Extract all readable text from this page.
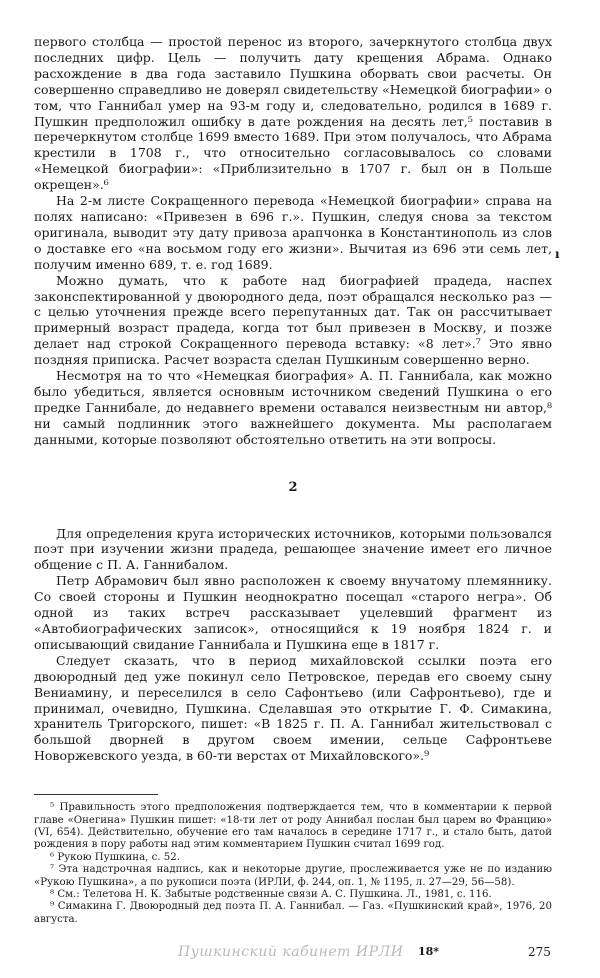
первого столбца — простой перенос из второго, зачеркнутого столбца двух последних цифр. Цель — получить дату крещения Абрама. Однако расхождение в два года заставило Пушкина оборвать свои расчеты. Он совершенно справедливо не доверял свидетельству «Немецкой биографии» о том, что Ганнибал умер на 93-м году и, следовательно, родился в 1689 г. Пушкин предположил ошибку в дате рождения на десять лет,⁵ поставив в перечеркнутом столбце 1699 вместо 1689. При этом получалось, что Абрама крестили в 1708 г., что относительно согласовывалось со словами «Немецкой биографии»: «Приблизительно в 1707 г. был он в Польше окрещен».⁶

На 2-м листе Сокращенного перевода «Немецкой биографии» справа на полях написано: «Привезен в 696 г.». Пушкин, следуя снова за текстом оригинала, выводит эту дату привоза арапчонка в Константинополь из слов о доставке его «на восьмом году его жизни». Вычитая из 696 эти семь лет, получим именно 689, т. е. год 1689.

Можно думать, что к работе над биографией прадеда, наспех законспектированной у двоюродного деда, поэт обращался несколько раз — с целью уточнения прежде всего перепутанных дат. Так он рассчитывает примерный возраст прадеда, когда тот был привезен в Москву, и позже делает над строкой Сокращенного перевода вставку: «8 лет».⁷ Это явно поздняя приписка. Расчет возраста сделан Пушкиным совершенно верно.

Несмотря на то что «Немецкая биография» А. П. Ганнибала, как можно было убедиться, является основным источником сведений Пушкина о его предке Ганнибале, до недавнего времени оставался неизвестным ни автор,⁸ ни самый подлинник этого важнейшего документа. Мы располагаем данными, которые позволяют обстоятельно ответить на эти вопросы.

2

Для определения круга исторических источников, которыми пользовался поэт при изучении жизни прадеда, решающее значение имеет его личное общение с П. А. Ганнибалом.

Петр Абрамович был явно расположен к своему внучатому племяннику. Со своей стороны и Пушкин неоднократно посещал «старого негра». Об одной из таких встреч рассказывает уцелевший фрагмент из «Автобиографических записок», относящийся к 19 ноября 1824 г. и описывающий свидание Ганнибала и Пушкина еще в 1817 г.

Следует сказать, что в период михайловской ссылки поэта его двоюродный дед уже покинул село Петровское, передав его своему сыну Вениамину, и переселился в село Сафонтьево (или Сафронтьево), где и принимал, очевидно, Пушкина. Сделавшая это открытие Г. Ф. Симакина, хранитель Тригорского, пишет: «В 1825 г. П. А. Ганнибал жительствовал с большой дворней в другом своем имении, сельце Сафронтьеве Новоржевского уезда, в 60-ти верстах от Михайловского».⁹

⁵ Правильность этого предположения подтверждается тем, что в комментарии к первой главе «Онегина» Пушкин пишет: «18-ти лет от роду Аннибал послан был царем во Францию» (VI, 654). Действительно, обучение его там началось в середине 1717 г., и стало быть, датой рождения в пору работы над этим комментарием Пушкин считал 1699 год.

⁶ Рукою Пушкина, с. 52.

⁷ Эта надстрочная надпись, как и некоторые другие, прослеживается уже не по изданию «Рукою Пушкина», а по рукописи поэта (ИРЛИ, ф. 244, оп. 1, № 1195, л. 27—29, 56—58).

⁸ См.: Телетова Н. К. Забытые родственные связи А. С. Пушкина. Л., 1981, с. 116.

⁹ Симакина Г. Двоюродный дед поэта П. А. Ганнибал. — Газ. «Пушкинский край», 1976, 20 августа.

ı
Пушкинский кабинет ИРЛИ 18*	275
